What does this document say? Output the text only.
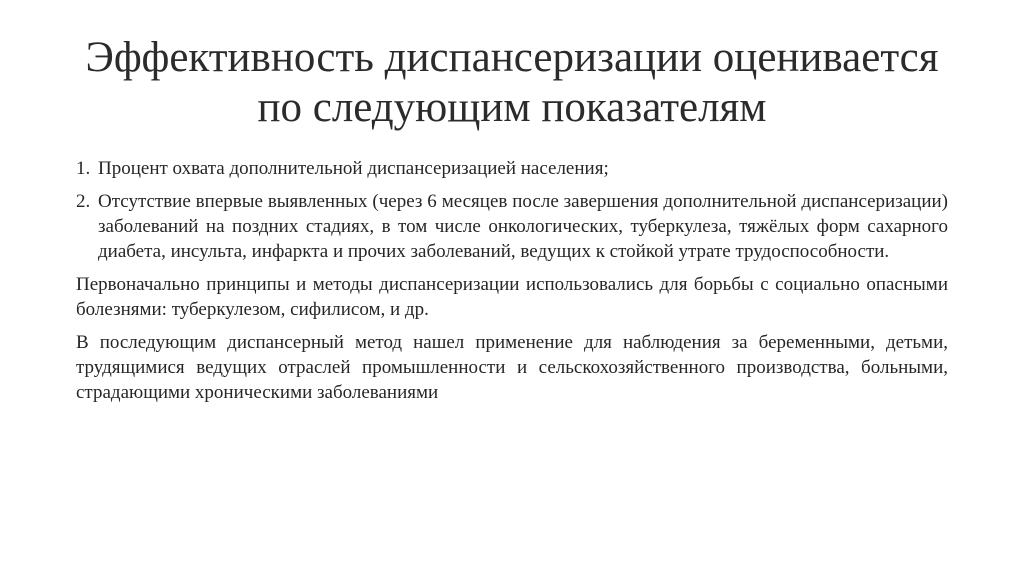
Эффективность диспансеризации оценивается по следующим показателям
1. Процент охвата дополнительной диспансеризацией населения;
2. Отсутствие впервые выявленных (через 6 месяцев после завершения дополнительной диспансеризации) заболеваний на поздних стадиях, в том числе онкологических, туберкулеза, тяжёлых форм сахарного диабета, инсульта, инфаркта и прочих заболеваний, ведущих к стойкой утрате трудоспособности.

Первоначально принципы и методы диспансеризации использовались для борьбы с социально опасными болезнями: туберкулезом, сифилисом, и др.

В последующим диспансерный метод нашел применение для наблюдения за беременными, детьми, трудящимися ведущих отраслей промышленности и сельскохозяйственного производства, больными, страдающими хроническими заболеваниями
